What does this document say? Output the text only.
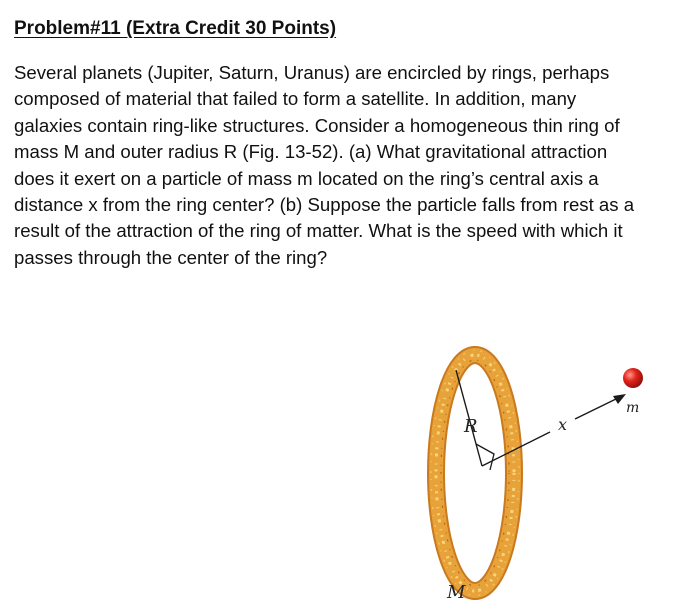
Problem#11 (Extra Credit 30 Points)

Several planets (Jupiter, Saturn, Uranus) are encircled by rings, perhaps
composed of material that failed to form a satellite. In addition, many
galaxies contain ring-like structures. Consider a homogeneous thin ring of
mass M and outer radius R (Fig. 13-52). (a) What gravitational attraction
does it exert on a particle of mass m located on the ring’s central axis a
distance x from the ring center? (b) Suppose the particle falls from rest as a
result of the attraction of the ring of matter. What is the speed with which it
passes through the center of the ring?

R	x
m
M
